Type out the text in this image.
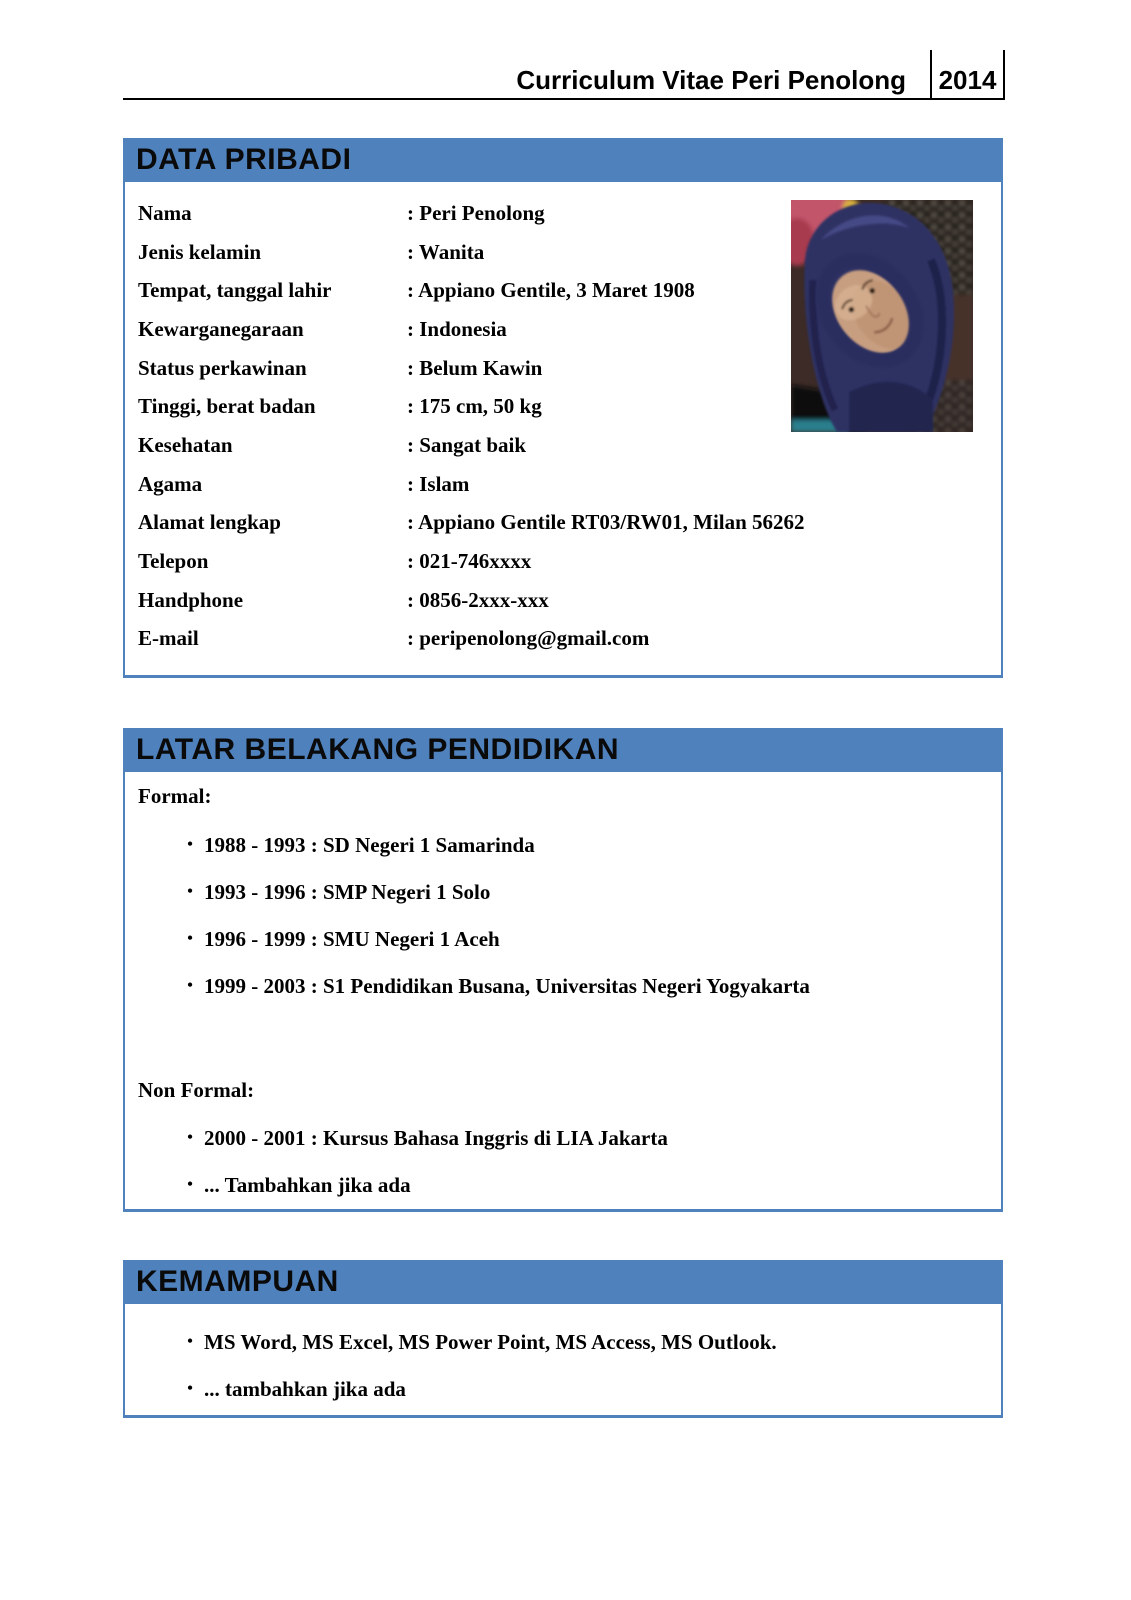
Curriculum Vitae Peri Penolong	2014
DATA PRIBADI
Nama	: Peri Penolong
Jenis kelamin	: Wanita
Tempat, tanggal lahir	: Appiano Gentile, 3 Maret 1908
Kewarganegaraan	: Indonesia
Status perkawinan	: Belum Kawin
Tinggi, berat badan	: 175 cm, 50 kg
Kesehatan	: Sangat baik
Agama	: Islam
Alamat lengkap	: Appiano Gentile RT03/RW01, Milan 56262
Telepon	: 021-746xxxx
Handphone	: 0856-2xxx-xxx
E-mail	: peripenolong@gmail.com
LATAR BELAKANG PENDIDIKAN
Formal:
• 1988 - 1993 : SD Negeri 1 Samarinda
• 1993 - 1996 : SMP Negeri 1 Solo
• 1996 - 1999 : SMU Negeri 1 Aceh
• 1999 - 2003 : S1 Pendidikan Busana, Universitas Negeri Yogyakarta
Non Formal:
• 2000 - 2001 : Kursus Bahasa Inggris di LIA Jakarta
• ... Tambahkan jika ada
KEMAMPUAN
• MS Word, MS Excel, MS Power Point, MS Access, MS Outlook.
• ... tambahkan jika ada
